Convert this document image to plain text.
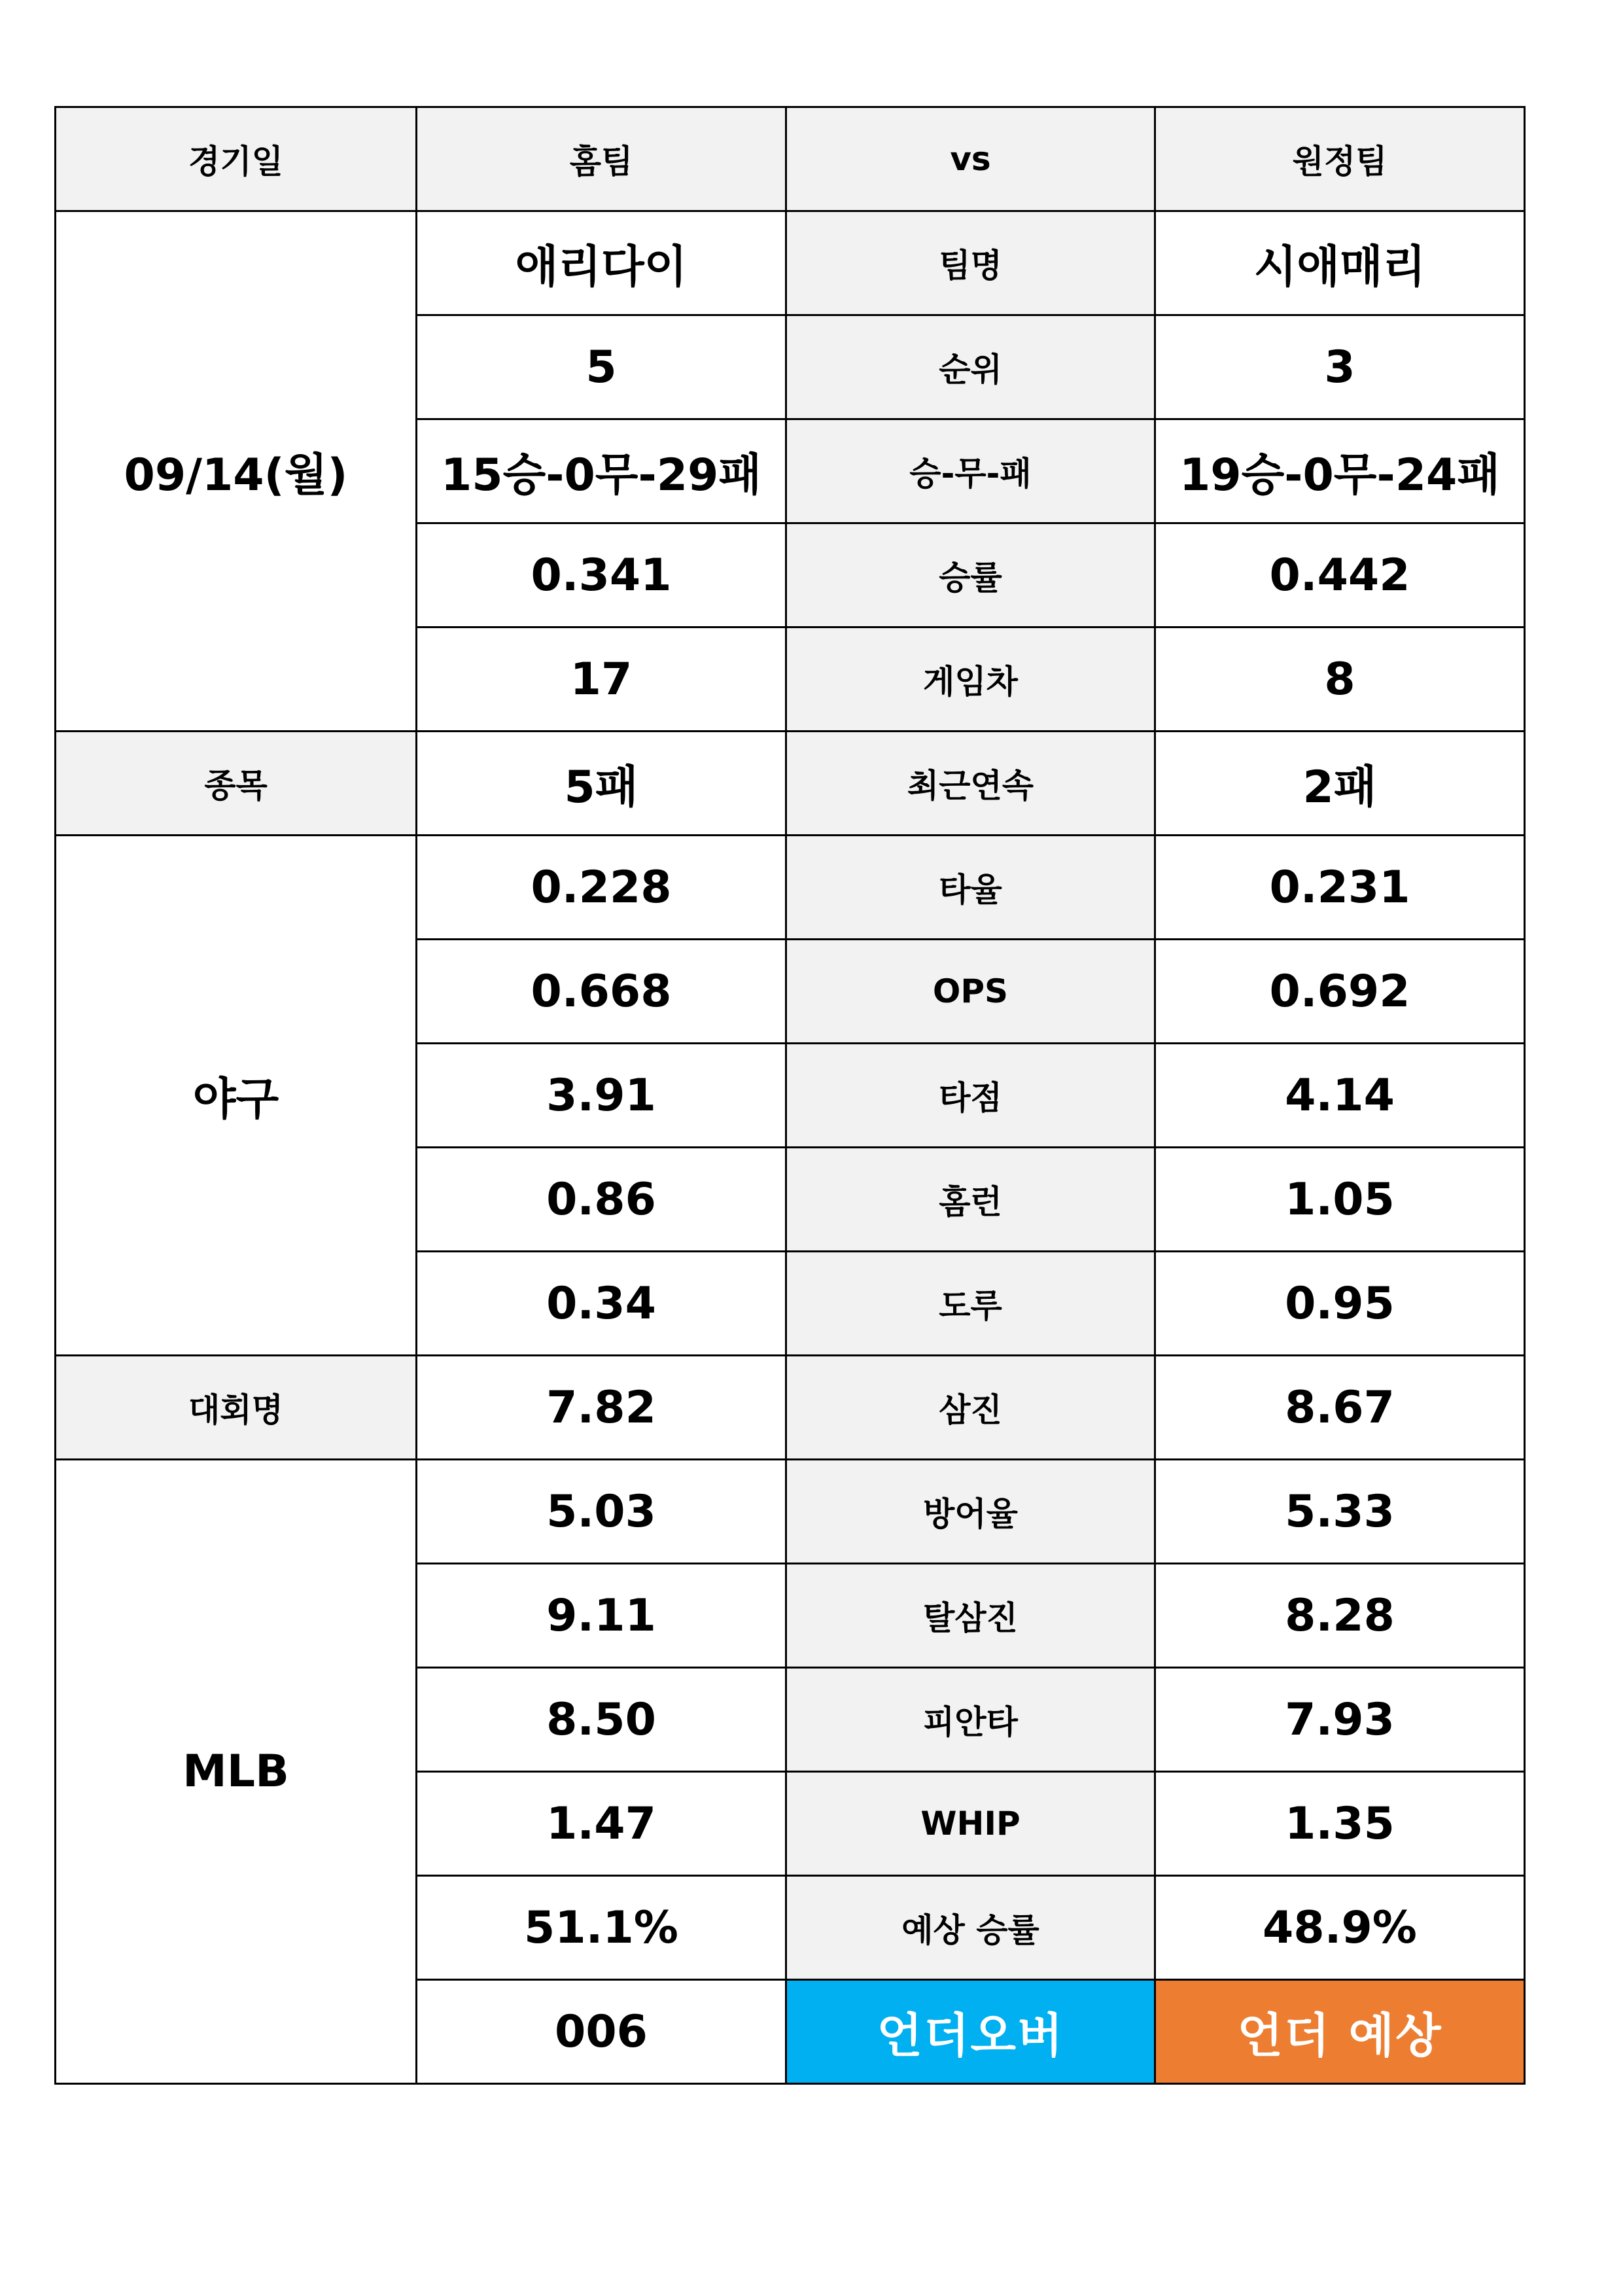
경기일	홈팀	vs	원정팀	
09/14(월)	애리다이	팀명	시애매리	
	5	순위	3	
	15승-0무-29패	승-무-패	19승-0무-24패	
	0.341	승률	0.442	
	17	게임차	8	
종목	5패	최근연속	2패	
야구	0.228	타율	0.231	
	0.668	OPS	0.692	
	3.91	타점	4.14	
	0.86	홈런	1.05	
	0.34	도루	0.95	
대회명	7.82	삼진	8.67	
MLB	5.03	방어율	5.33	
	9.11	탈삼진	8.28	
	8.50	피안타	7.93	
	1.47	WHIP	1.35	
	51.1%	예상 승률	48.9%	
	006	언더오버	언더 예상		
